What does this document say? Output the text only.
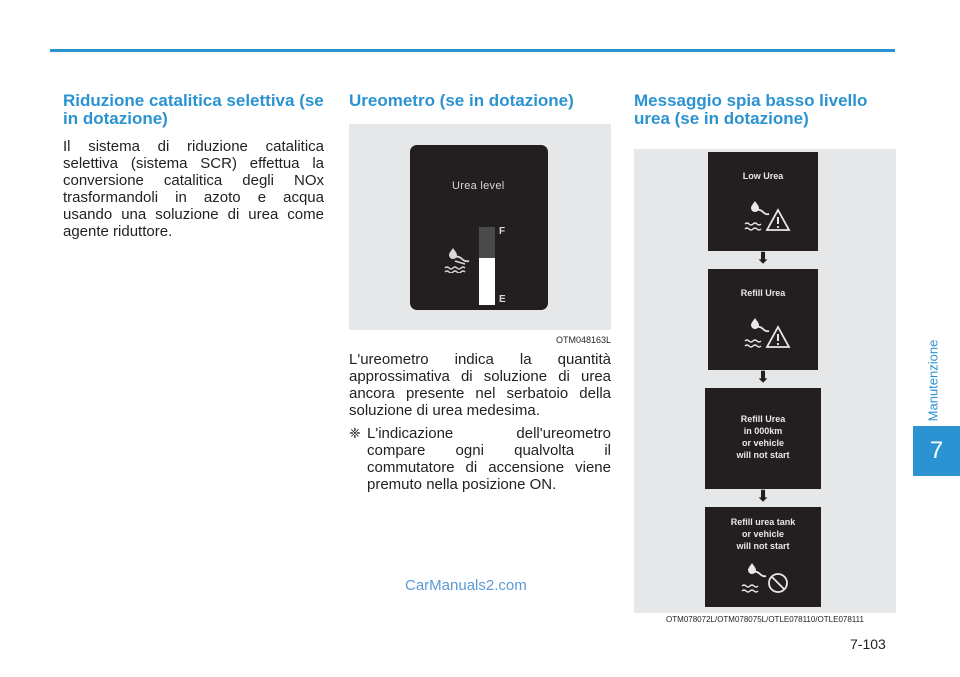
Manutenzione
7
Riduzione catalitica selettiva (se in dotazione)

Il sistema di riduzione catalitica selettiva (sistema SCR) effettua la conversione catalitica degli NOx trasformandoli in azoto e acqua usando una soluzione di urea come agente riduttore.

Ureometro (se in dotazione)
Urea level
F
E
OTM048163L

L'ureometro indica la quantità approssimativa di soluzione di urea ancora presente nel serbatoio della soluzione di urea medesima.

❈ L'indicazione dell'ureometro compare ogni qualvolta il commutatore di accensione viene premuto nella posizione ON.

Messaggio spia basso livello urea (se in dotazione)
Low Urea
⬇
Refill Urea
⬇
Refill Urea
in 000km
or vehicle
will not start
⬇
Refill urea tank
or vehicle
will not start
OTM078072L/OTM078075L/OTLE078110/OTLE078111
CarManuals2.com
7-103
